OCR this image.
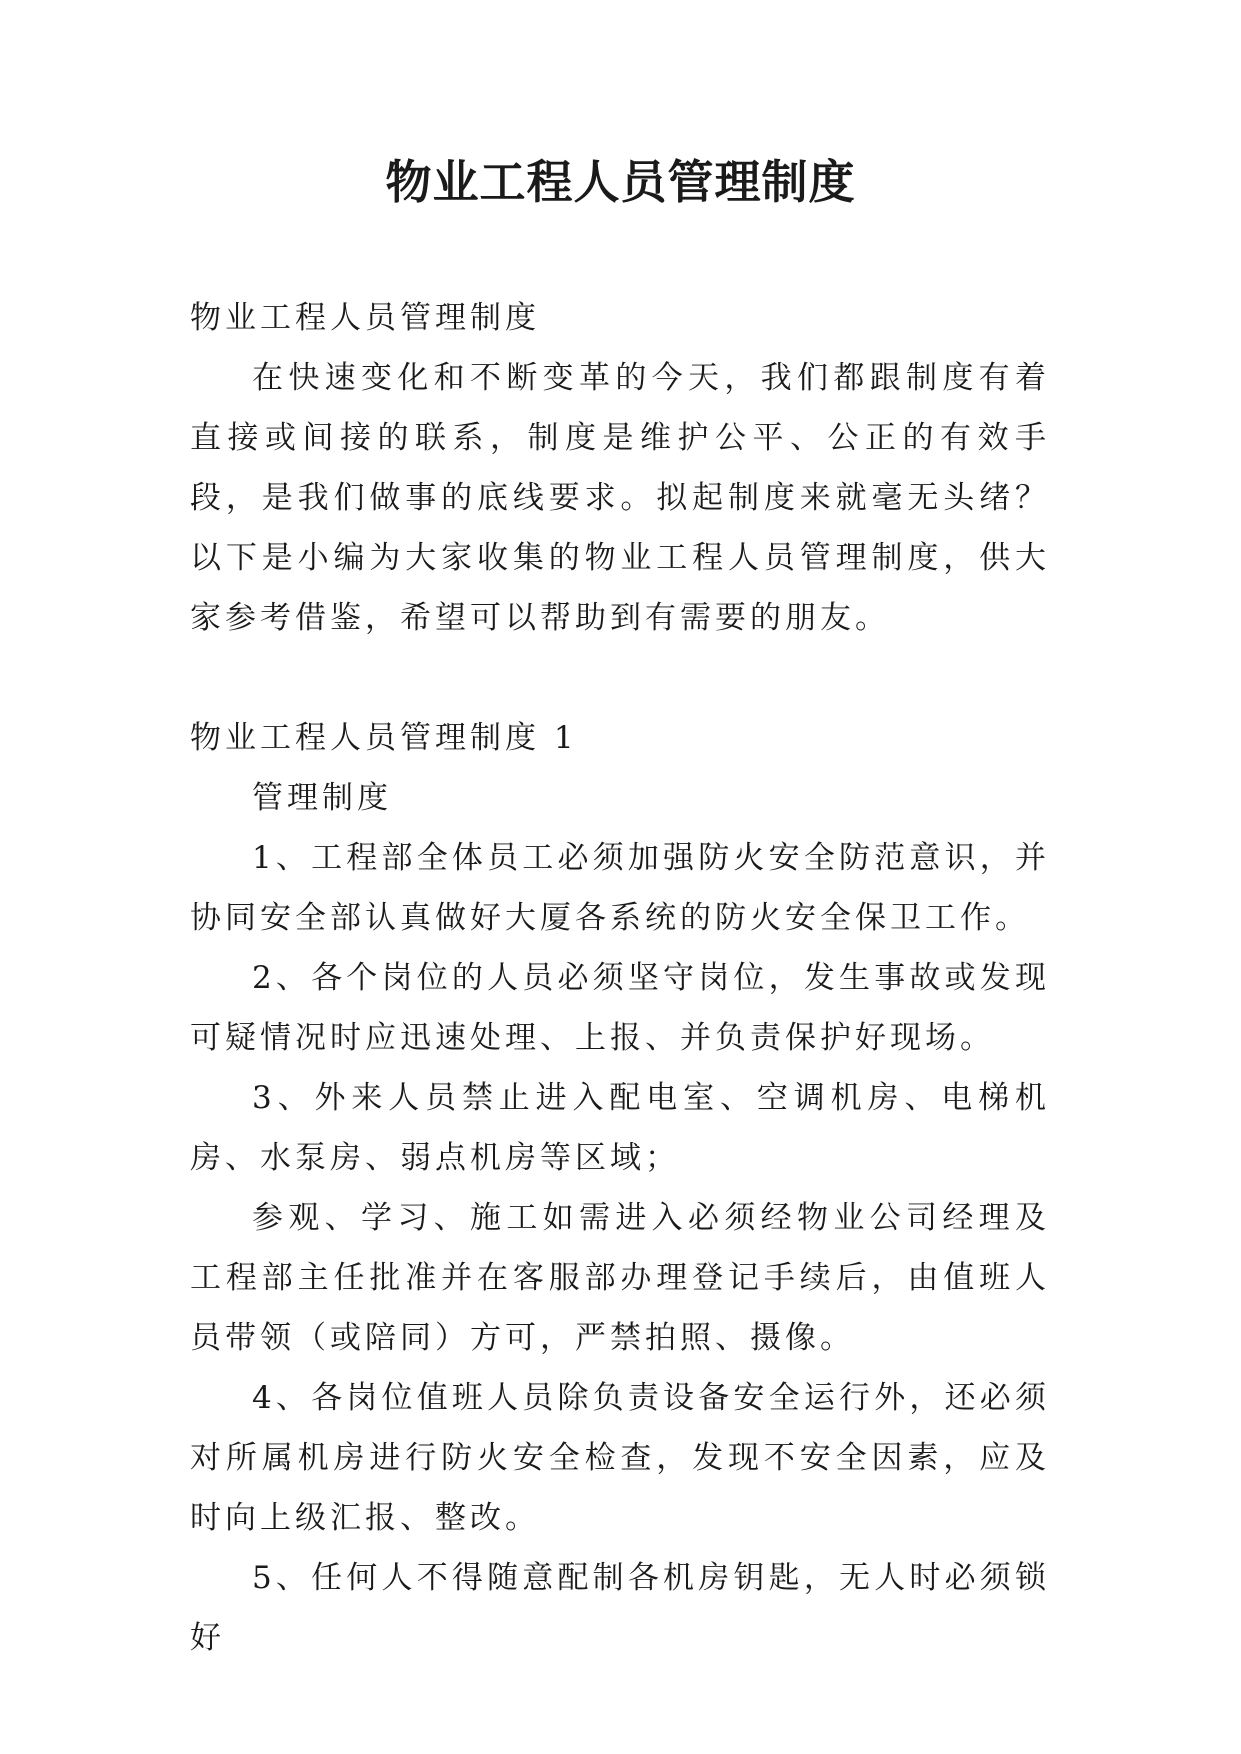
物业工程人员管理制度

物业工程人员管理制度

在快速变化和不断变革的今天，我们都跟制度有着直接或间接的联系，制度是维护公平、公正的有效手段，是我们做事的底线要求。拟起制度来就毫无头绪？以下是小编为大家收集的物业工程人员管理制度，供大家参考借鉴，希望可以帮助到有需要的朋友。

物业工程人员管理制度 1

管理制度

1、工程部全体员工必须加强防火安全防范意识，并协同安全部认真做好大厦各系统的防火安全保卫工作。

2、各个岗位的人员必须坚守岗位，发生事故或发现可疑情况时应迅速处理、上报、并负责保护好现场。

3、外来人员禁止进入配电室、空调机房、电梯机房、水泵房、弱点机房等区域；

参观、学习、施工如需进入必须经物业公司经理及工程部主任批准并在客服部办理登记手续后，由值班人员带领（或陪同）方可，严禁拍照、摄像。

4、各岗位值班人员除负责设备安全运行外，还必须对所属机房进行防火安全检查，发现不安全因素，应及时向上级汇报、整改。

5、任何人不得随意配制各机房钥匙，无人时必须锁好
